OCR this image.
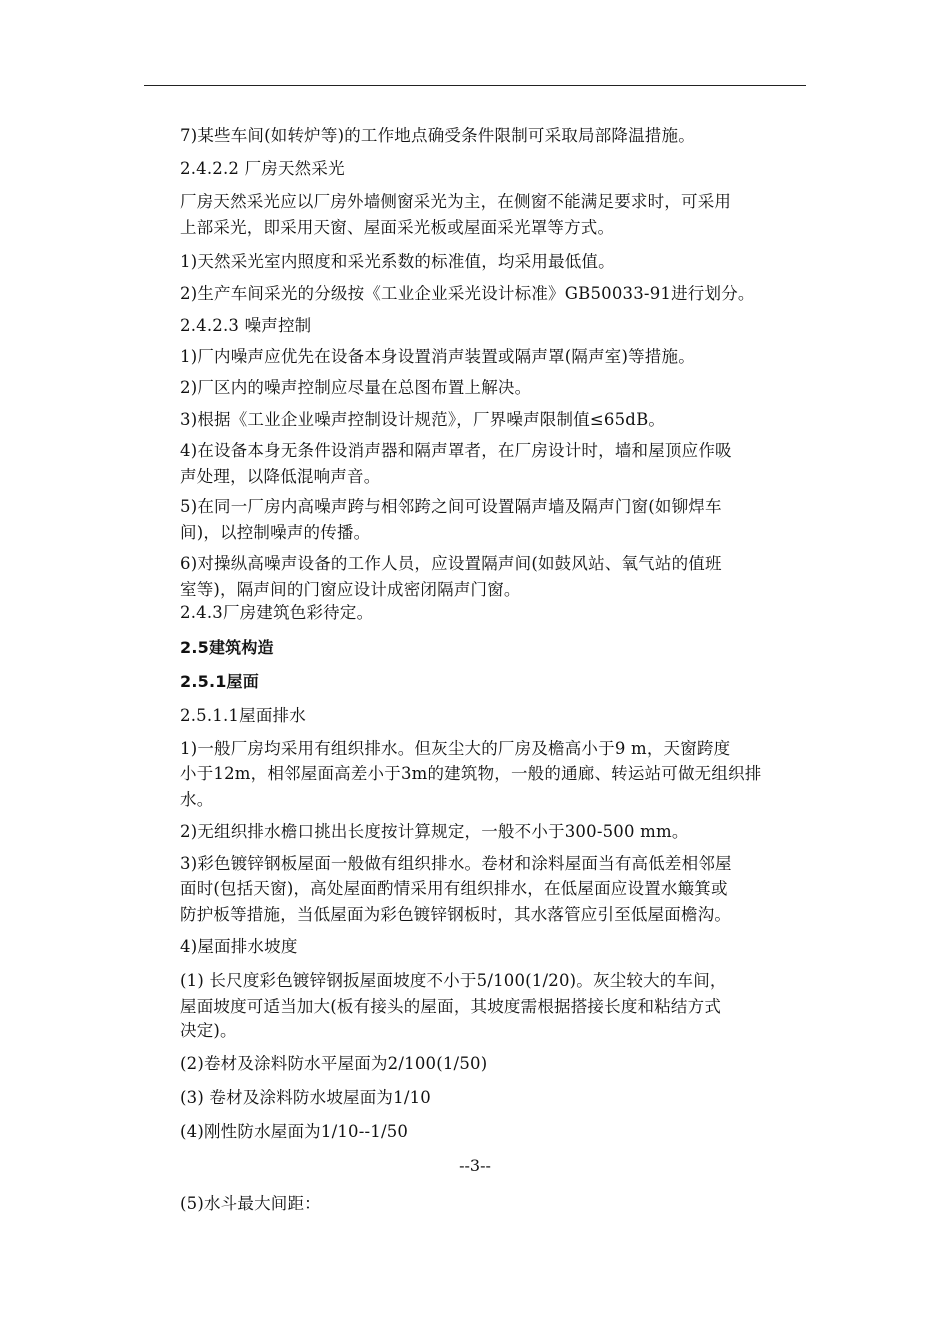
7)某些车间(如转炉等)的工作地点确受条件限制可采取局部降温措施。
2.4.2.2 厂房天然采光
厂房天然采光应以厂房外墙侧窗采光为主，在侧窗不能满足要求时，可采用
上部采光，即采用天窗、屋面采光板或屋面采光罩等方式。
1)天然采光室内照度和采光系数的标准值，均采用最低值。
2)生产车间采光的分级按《工业企业采光设计标准》GB50033-91进行划分。
2.4.2.3 噪声控制
1)厂内噪声应优先在设备本身设置消声装置或隔声罩(隔声室)等措施。
2)厂区内的噪声控制应尽量在总图布置上解决。
3)根据《工业企业噪声控制设计规范》，厂界噪声限制值≤65dB。
4)在设备本身无条件设消声器和隔声罩者，在厂房设计时，墙和屋顶应作吸
声处理，以降低混响声音。
5)在同一厂房内高噪声跨与相邻跨之间可设置隔声墙及隔声门窗(如铆焊车
间)，以控制噪声的传播。
6)对操纵高噪声设备的工作人员，应设置隔声间(如鼓风站、氧气站的值班
室等)，隔声间的门窗应设计成密闭隔声门窗。
2.4.3厂房建筑色彩待定。
2.5建筑构造
2.5.1屋面
2.5.1.1屋面排水
1)一般厂房均采用有组织排水。但灰尘大的厂房及檐高小于9 m，天窗跨度
小于12m，相邻屋面高差小于3m的建筑物，一般的通廊、转运站可做无组织排
水。
2)无组织排水檐口挑出长度按计算规定，一般不小于300-500 mm。
3)彩色镀锌钢板屋面一般做有组织排水。卷材和涂料屋面当有高低差相邻屋
面时(包括天窗)，高处屋面酌情采用有组织排水，在低屋面应设置水簸箕或
防护板等措施，当低屋面为彩色镀锌钢板时，其水落管应引至低屋面檐沟。
4)屋面排水坡度
(1) 长尺度彩色镀锌钢扳屋面坡度不小于5/100(1/20)。灰尘较大的车间，
屋面坡度可适当加大(板有接头的屋面，其坡度需根据搭接长度和粘结方式
决定)。
(2)卷材及涂料防水平屋面为2/100(1/50)
(3) 卷材及涂料防水坡屋面为1/10
(4)刚性防水屋面为1/10--1/50
--3--
(5)水斗最大间距：
